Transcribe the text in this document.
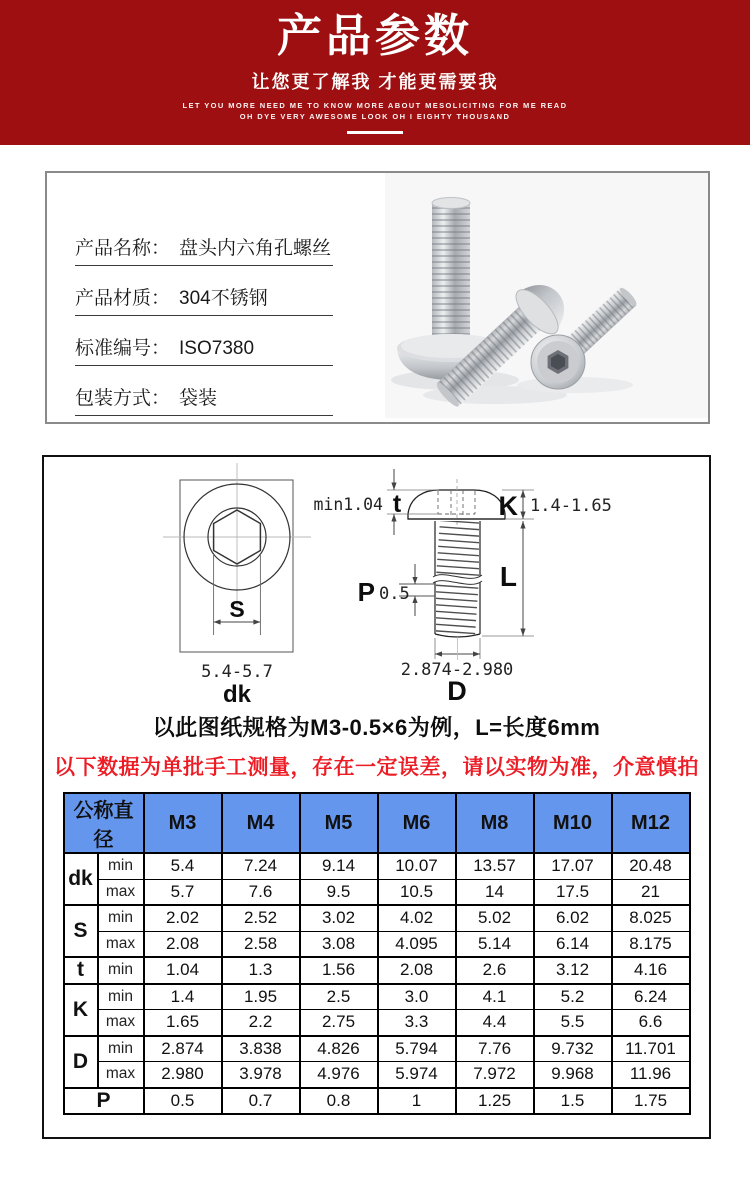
产品参数
让您更了解我 才能更需要我
LET YOU MORE NEED ME TO KNOW MORE ABOUT MESOLICITING FOR ME READ
OH DYE VERY AWESOME LOOK OH I EIGHTY THOUSAND
产品名称： 盘头内六角孔螺丝
产品材质： 304不锈钢
标准编号： ISO7380
包装方式： 袋装
S
5.4-5.7
dk
min1.04 t	K 1.4-1.65
P 0.5
L
2.874-2.980
D
以此图纸规格为M3-0.5×6为例，L=长度6mm
以下数据为单批手工测量，存在一定误差，请以实物为准，介意慎拍
公称直径		M3	M4	M5	M6	M8	M10	M12
dk	min	5.4	7.24	9.14	10.07	13.57	17.07	20.48
	max	5.7	7.6	9.5	10.5	14	17.5	21
S	min	2.02	2.52	3.02	4.02	5.02	6.02	8.025
	max	2.08	2.58	3.08	4.095	5.14	6.14	8.175
t	min	1.04	1.3	1.56	2.08	2.6	3.12	4.16
K	min	1.4	1.95	2.5	3.0	4.1	5.2	6.24
	max	1.65	2.2	2.75	3.3	4.4	5.5	6.6
D	min	2.874	3.838	4.826	5.794	7.76	9.732	11.701
	max	2.980	3.978	4.976	5.974	7.972	9.968	11.96
P		0.5	0.7	0.8	1	1.25	1.5	1.75
